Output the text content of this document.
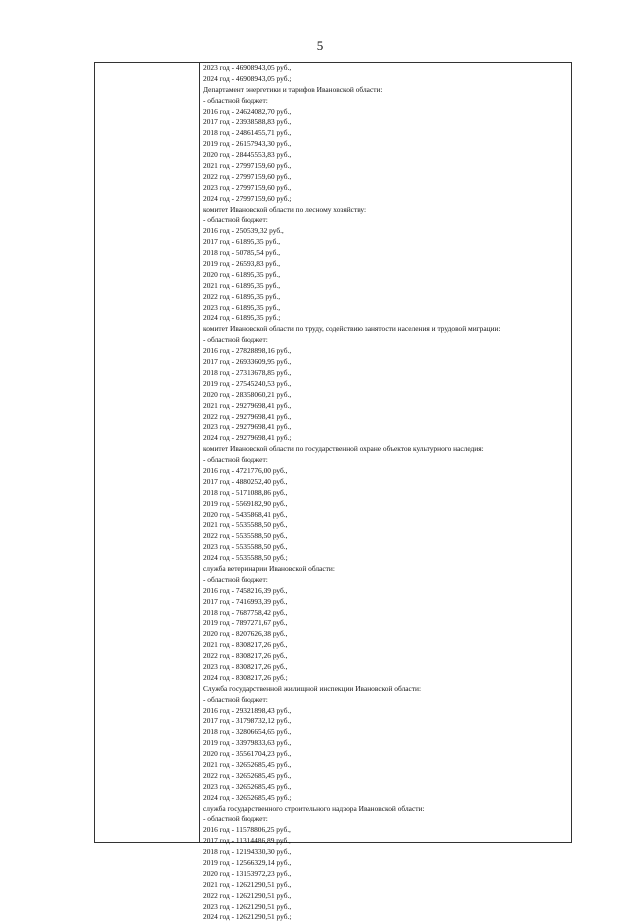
5
2023 год - 46908943,05 руб.,
2024 год - 46908943,05 руб.;
Департамент энергетики и тарифов Ивановской области:
- областной бюджет:
2016 год - 24624082,70 руб.,
2017 год - 23938588,83 руб.,
2018 год - 24861455,71 руб.,
2019 год - 26157943,30 руб.,
2020 год - 28445553,83 руб.,
2021 год - 27997159,60 руб.,
2022 год - 27997159,60 руб.,
2023 год - 27997159,60 руб.,
2024 год - 27997159,60 руб.;
комитет Ивановской области по лесному хозяйству:
- областной бюджет:
2016 год - 250539,32 руб.,
2017 год - 61895,35 руб.,
2018 год - 50785,54 руб.,
2019 год - 26593,83 руб.,
2020 год - 61895,35 руб.,
2021 год - 61895,35 руб.,
2022 год - 61895,35 руб.,
2023 год - 61895,35 руб.,
2024 год - 61895,35 руб.;
комитет Ивановской области по труду, содействию занятости населения и трудовой миграции:
- областной бюджет:
2016 год - 27828898,16 руб.,
2017 год - 26933609,95 руб.,
2018 год - 27313678,85 руб.,
2019 год - 27545240,53 руб.,
2020 год - 28358060,21 руб.,
2021 год - 29279698,41 руб.,
2022 год - 29279698,41 руб.,
2023 год - 29279698,41 руб.,
2024 год - 29279698,41 руб.;
комитет Ивановской области по государственной охране объектов культурного наследия:
- областной бюджет:
2016 год - 4721776,00 руб.,
2017 год - 4880252,40 руб.,
2018 год - 5171088,86 руб.,
2019 год - 5569182,90 руб.,
2020 год - 5435868,41 руб.,
2021 год - 5535588,50 руб.,
2022 год - 5535588,50 руб.,
2023 год - 5535588,50 руб.,
2024 год - 5535588,50 руб.;
служба ветеринарии Ивановской области:
- областной бюджет:
2016 год - 7458216,39 руб.,
2017 год - 7416993,39 руб.,
2018 год - 7687758,42 руб.,
2019 год - 7897271,67 руб.,
2020 год - 8207626,38 руб.,
2021 год - 8308217,26 руб.,
2022 год - 8308217,26 руб.,
2023 год - 8308217,26 руб.,
2024 год - 8308217,26 руб.;
Служба государственной жилищной инспекции Ивановской области:
- областной бюджет:
2016 год - 29321898,43 руб.,
2017 год - 31798732,12 руб.,
2018 год - 32806654,65 руб.,
2019 год - 33979833,63 руб.,
2020 год - 35561704,23 руб.,
2021 год - 32652685,45 руб.,
2022 год - 32652685,45 руб.,
2023 год - 32652685,45 руб.,
2024 год - 32652685,45 руб.;
служба государственного строительного надзора Ивановской области:
- областной бюджет:
2016 год - 11578806,25 руб.,
2017 год - 11314486,89 руб.,
2018 год - 12194330,30 руб.,
2019 год - 12566329,14 руб.,
2020 год - 13153972,23 руб.,
2021 год - 12621290,51 руб.,
2022 год - 12621290,51 руб.,
2023 год - 12621290,51 руб.,
2024 год - 12621290,51 руб.;
